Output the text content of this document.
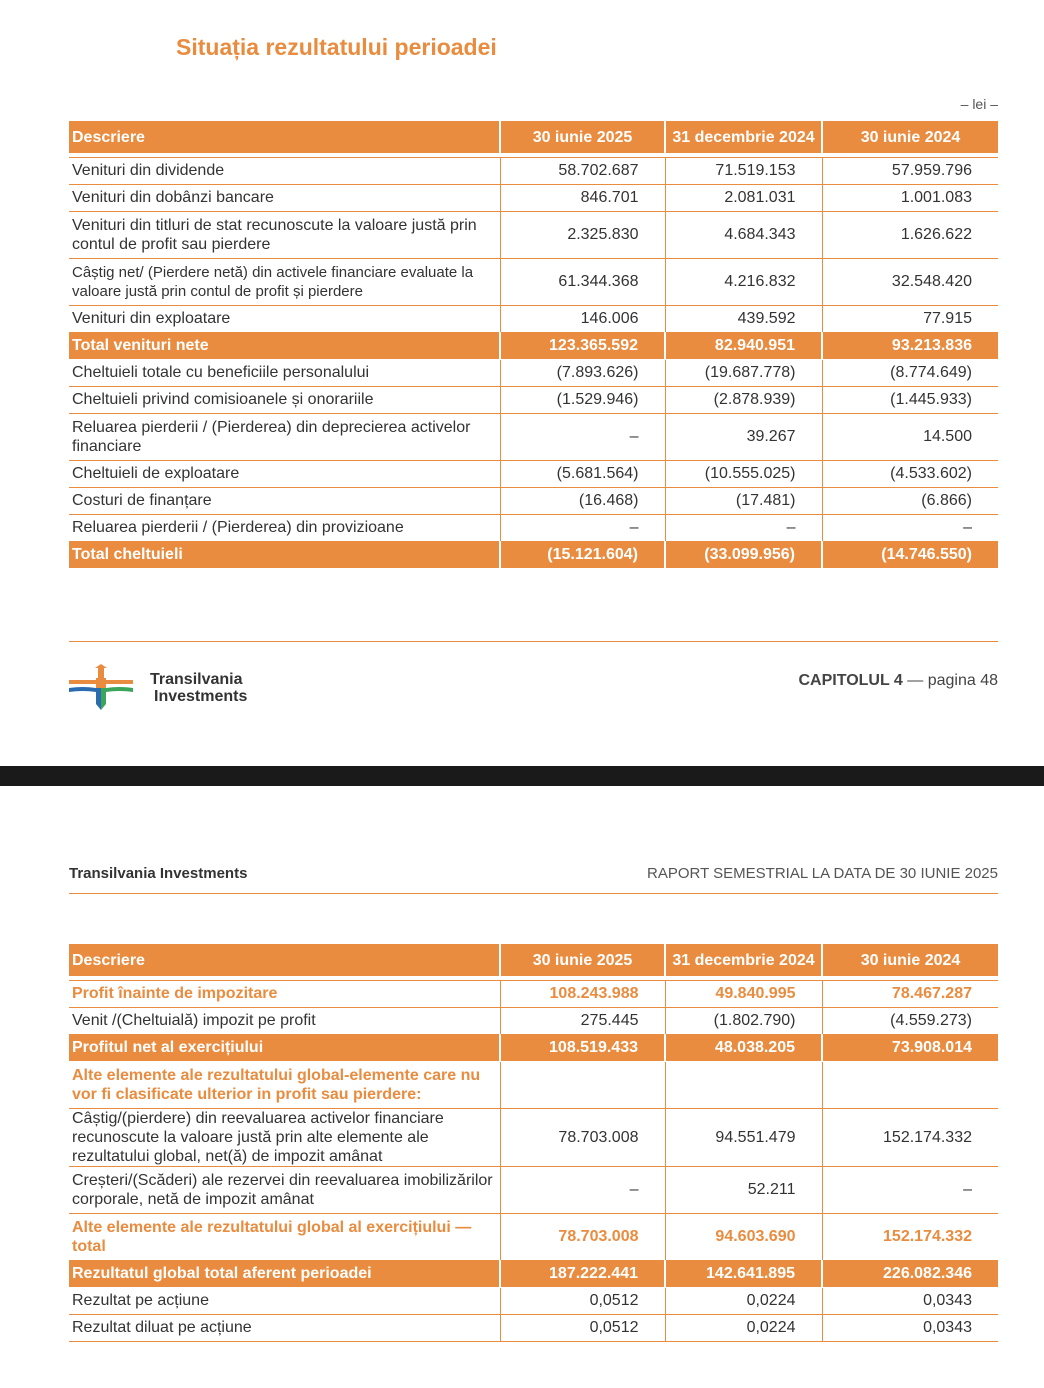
Situația rezultatului perioadei
– lei –
Descriere	30 iunie 2025	31 decembrie 2024	30 iunie 2024

Venituri din dividende	58.702.687	71.519.153	57.959.796
Venituri din dobânzi bancare	846.701	2.081.031	1.001.083
Venituri din titluri de stat recunoscute la valoare justă prin contul de profit sau pierdere	2.325.830	4.684.343	1.626.622
Câștig net/ (Pierdere netă) din activele financiare evaluate la valoare justă prin contul de profit și pierdere	61.344.368	4.216.832	32.548.420
Venituri din exploatare	146.006	439.592	77.915
Total venituri nete	123.365.592	82.940.951	93.213.836
Cheltuieli totale cu beneficiile personalului	(7.893.626)	(19.687.778)	(8.774.649)
Cheltuieli privind comisioanele și onorariile	(1.529.946)	(2.878.939)	(1.445.933)
Reluarea pierderii / (Pierderea) din deprecierea activelor financiare	–	39.267	14.500
Cheltuieli de exploatare	(5.681.564)	(10.555.025)	(4.533.602)
Costuri de finanțare	(16.468)	(17.481)	(6.866)
Reluarea pierderii / (Pierderea) din provizioane	–	–	–
Total cheltuieli	(15.121.604)	(33.099.956)	(14.746.550)
Transilvania
Investments
CAPITOLUL 4 — pagina 48
Transilvania Investments	RAPORT SEMESTRIAL LA DATA DE 30 IUNIE 2025
Descriere	30 iunie 2025	31 decembrie 2024	30 iunie 2024

Profit înainte de impozitare	108.243.988	49.840.995	78.467.287
Venit /(Cheltuială) impozit pe profit	275.445	(1.802.790)	(4.559.273)
Profitul net al exercițiului	108.519.433	48.038.205	73.908.014
Alte elemente ale rezultatului global-elemente care nu vor fi clasificate ulterior in profit sau pierdere:			
Câștig/(pierdere) din reevaluarea activelor financiare recunoscute la valoare justă prin alte elemente ale rezultatului global, net(ă) de impozit amânat	78.703.008	94.551.479	152.174.332
Creșteri/(Scăderi) ale rezervei din reevaluarea imobilizărilor corporale, netă de impozit amânat	–	52.211	–
Alte elemente ale rezultatului global al exercițiului — total	78.703.008	94.603.690	152.174.332
Rezultatul global total aferent perioadei	187.222.441	142.641.895	226.082.346
Rezultat pe acțiune	0,0512	0,0224	0,0343
Rezultat diluat pe acțiune	0,0512	0,0224	0,0343
